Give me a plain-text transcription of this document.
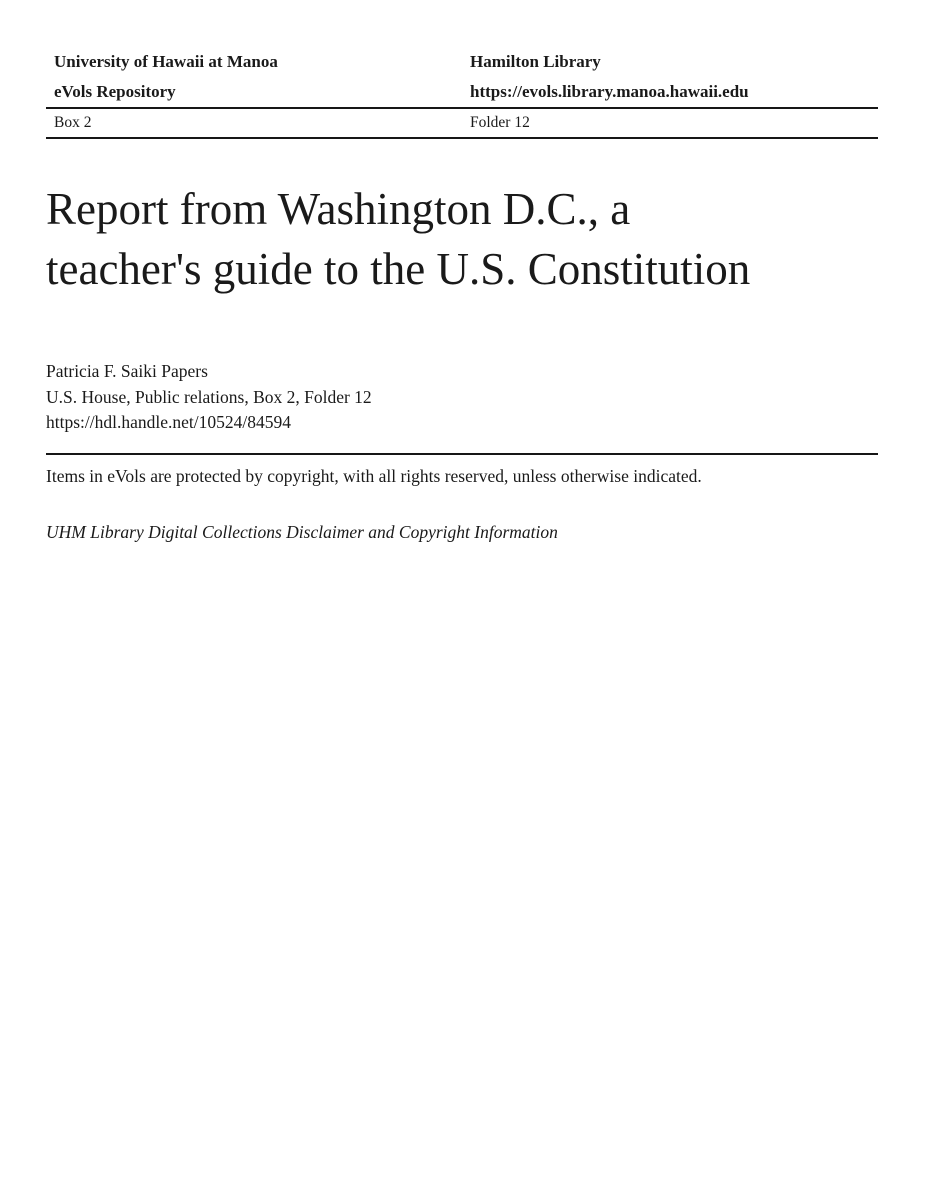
University of Hawaii at Manoa
eVols Repository
Hamilton Library
https://evols.library.manoa.hawaii.edu
Box 2	Folder 12
Report from Washington D.C., a
teacher's guide to the U.S. Constitution
Patricia F. Saiki Papers
U.S. House, Public relations, Box 2, Folder 12
https://hdl.handle.net/10524/84594

Items in eVols are protected by copyright, with all rights reserved, unless otherwise indicated.

UHM Library Digital Collections Disclaimer and Copyright Information
